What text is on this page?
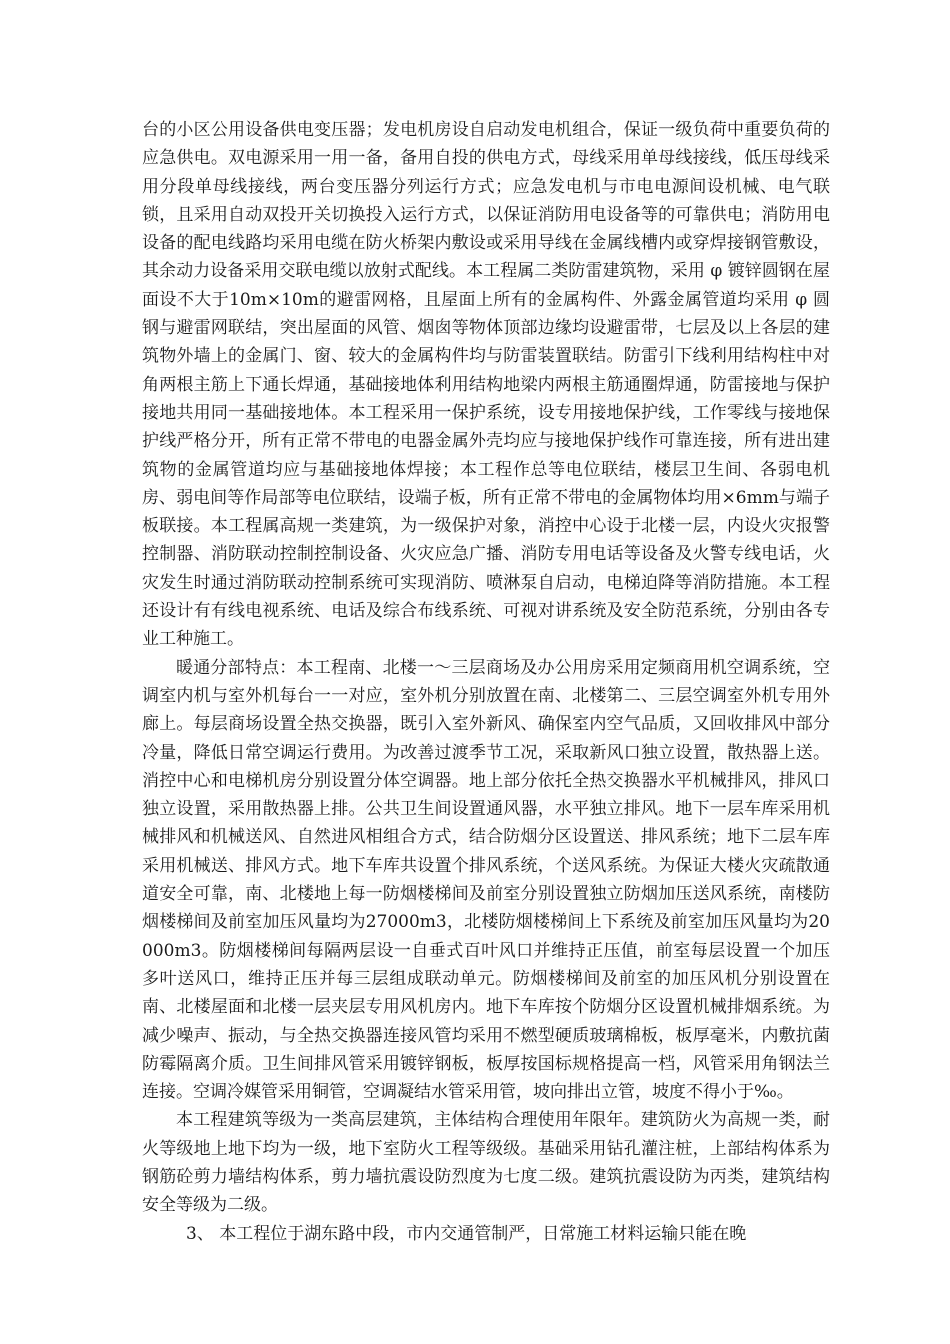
台的小区公用设备供电变压器；发电机房设自启动发电机组合，保证一级负荷中重要负荷的应急供电。双电源采用一用一备，备用自投的供电方式，母线采用单母线接线，低压母线采用分段单母线接线，两台变压器分列运行方式；应急发电机与市电电源间设机械、电气联锁，且采用自动双投开关切换投入运行方式，以保证消防用电设备等的可靠供电；消防用电设备的配电线路均采用电缆在防火桥架内敷设或采用导线在金属线槽内或穿焊接钢管敷设，其余动力设备采用交联电缆以放射式配线。本工程属二类防雷建筑物，采用 φ 镀锌圆钢在屋面设不大于10m×10m的避雷网格，且屋面上所有的金属构件、外露金属管道均采用 φ 圆钢与避雷网联结，突出屋面的风管、烟囱等物体顶部边缘均设避雷带，七层及以上各层的建筑物外墙上的金属门、窗、较大的金属构件均与防雷装置联结。防雷引下线利用结构柱中对角两根主筋上下通长焊通，基础接地体利用结构地梁内两根主筋通圈焊通，防雷接地与保护接地共用同一基础接地体。本工程采用一保护系统，设专用接地保护线，工作零线与接地保护线严格分开，所有正常不带电的电器金属外壳均应与接地保护线作可靠连接，所有进出建筑物的金属管道均应与基础接地体焊接；本工程作总等电位联结，楼层卫生间、各弱电机房、弱电间等作局部等电位联结，设端子板，所有正常不带电的金属物体均用×6mm与端子板联接。本工程属高规一类建筑，为一级保护对象，消控中心设于北楼一层，内设火灾报警控制器、消防联动控制控制设备、火灾应急广播、消防专用电话等设备及火警专线电话，火灾发生时通过消防联动控制系统可实现消防、喷淋泵自启动，电梯迫降等消防措施。本工程还设计有有线电视系统、电话及综合布线系统、可视对讲系统及安全防范系统，分别由各专业工种施工。

暖通分部特点：本工程南、北楼一～三层商场及办公用房采用定频商用机空调系统，空调室内机与室外机每台一一对应，室外机分别放置在南、北楼第二、三层空调室外机专用外廊上。每层商场设置全热交换器，既引入室外新风、确保室内空气品质，又回收排风中部分冷量，降低日常空调运行费用。为改善过渡季节工况，采取新风口独立设置，散热器上送。消控中心和电梯机房分别设置分体空调器。地上部分依托全热交换器水平机械排风，排风口独立设置，采用散热器上排。公共卫生间设置通风器，水平独立排风。地下一层车库采用机械排风和机械送风、自然进风相组合方式，结合防烟分区设置送、排风系统；地下二层车库采用机械送、排风方式。地下车库共设置个排风系统，个送风系统。为保证大楼火灾疏散通道安全可靠，南、北楼地上每一防烟楼梯间及前室分别设置独立防烟加压送风系统，南楼防烟楼梯间及前室加压风量均为27000m3，北楼防烟楼梯间上下系统及前室加压风量均为20000m3。防烟楼梯间每隔两层设一自垂式百叶风口并维持正压值，前室每层设置一个加压多叶送风口，维持正压并每三层组成联动单元。防烟楼梯间及前室的加压风机分别设置在南、北楼屋面和北楼一层夹层专用风机房内。地下车库按个防烟分区设置机械排烟系统。为减少噪声、振动，与全热交换器连接风管均采用不燃型硬质玻璃棉板，板厚毫米，内敷抗菌防霉隔离介质。卫生间排风管采用镀锌钢板，板厚按国标规格提高一档，风管采用角钢法兰连接。空调冷媒管采用铜管，空调凝结水管采用管，坡向排出立管，坡度不得小于‰。

本工程建筑等级为一类高层建筑，主体结构合理使用年限年。建筑防火为高规一类，耐火等级地上地下均为一级，地下室防火工程等级级。基础采用钻孔灌注桩，上部结构体系为钢筋砼剪力墙结构体系，剪力墙抗震设防烈度为七度二级。建筑抗震设防为丙类，建筑结构安全等级为二级。

3、 本工程位于湖东路中段，市内交通管制严，日常施工材料运输只能在晚
